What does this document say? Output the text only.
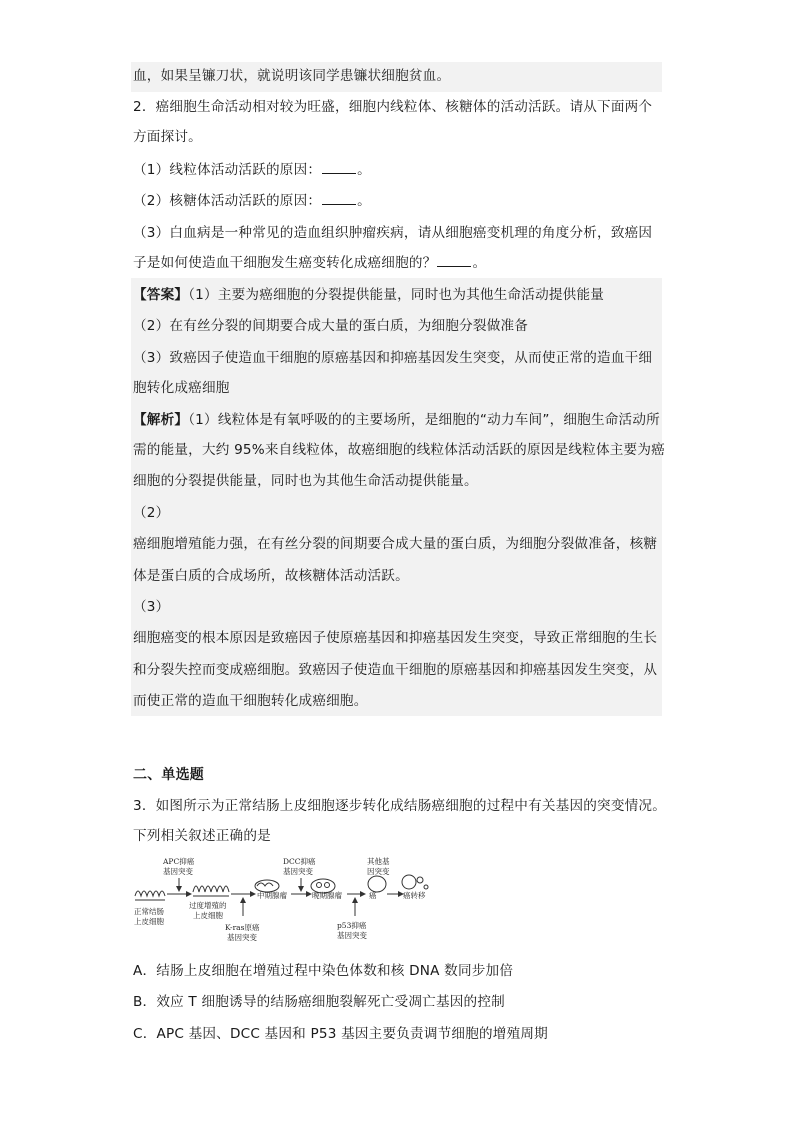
血，如果呈镰刀状，就说明该同学患镰状细胞贫血。
2．癌细胞生命活动相对较为旺盛，细胞内线粒体、核糖体的活动活跃。请从下面两个
方面探讨。
（1）线粒体活动活跃的原因：	。
（2）核糖体活动活跃的原因：	。
（3）白血病是一种常见的造血组织肿瘤疾病，请从细胞癌变机理的角度分析，致癌因
子是如何使造血干细胞发生癌变转化成癌细胞的？	。
【答案】（1）主要为癌细胞的分裂提供能量，同时也为其他生命活动提供能量
（2）在有丝分裂的间期要合成大量的蛋白质，为细胞分裂做准备
（3）致癌因子使造血干细胞的原癌基因和抑癌基因发生突变，从而使正常的造血干细
胞转化成癌细胞
【解析】（1）线粒体是有氧呼吸的的主要场所，是细胞的“动力车间”，细胞生命活动所
需的能量，大约 95%来自线粒体，故癌细胞的线粒体活动活跃的原因是线粒体主要为癌
细胞的分裂提供能量，同时也为其他生命活动提供能量。
（2）
癌细胞增殖能力强，在有丝分裂的间期要合成大量的蛋白质，为细胞分裂做准备，核糖
体是蛋白质的合成场所，故核糖体活动活跃。
（3）
细胞癌变的根本原因是致癌因子使原癌基因和抑癌基因发生突变，导致正常细胞的生长
和分裂失控而变成癌细胞。致癌因子使造血干细胞的原癌基因和抑癌基因发生突变，从
而使正常的造血干细胞转化成癌细胞。
二、单选题
3．如图所示为正常结肠上皮细胞逐步转化成结肠癌细胞的过程中有关基因的突变情况。
下列相关叙述正确的是
正常结肠
上皮细胞
APC抑癌
基因突变
过度增殖的
上皮细胞
K-ras原癌
基因突变
中期腺瘤
DCC抑癌
基因突变
晚期腺瘤
p53抑癌
基因突变
癌
其他基
因突变
癌转移
A．结肠上皮细胞在增殖过程中染色体数和核 DNA 数同步加倍
B．效应 T 细胞诱导的结肠癌细胞裂解死亡受凋亡基因的控制
C．APC 基因、DCC 基因和 P53 基因主要负责调节细胞的增殖周期
